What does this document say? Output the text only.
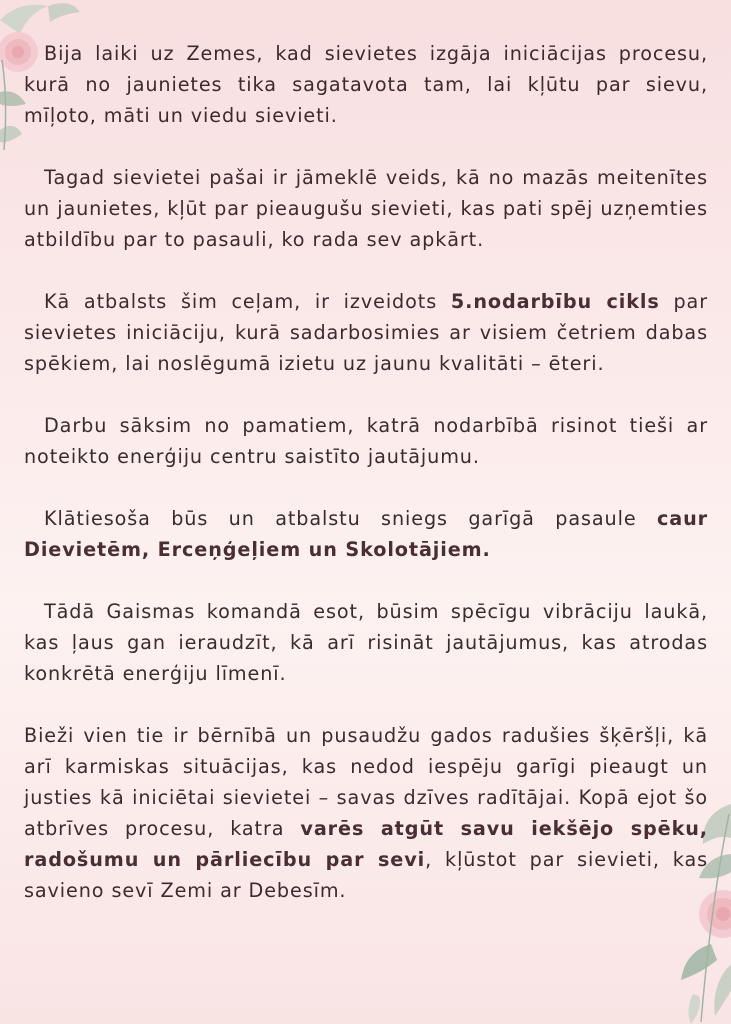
Bija laiki uz Zemes, kad sievietes izgāja iniciācijas procesu, kurā no jaunietes tika sagatavota tam, lai kļūtu par sievu, mīļoto, māti un viedu sievieti.

Tagad sievietei pašai ir jāmeklē veids, kā no mazās meitenītes un jaunietes, kļūt par pieaugušu sievieti, kas pati spēj uzņemties atbildību par to pasauli, ko rada sev apkārt.

Kā atbalsts šim ceļam, ir izveidots 5.nodarbību cikls par sievietes iniciāciju, kurā sadarbosimies ar visiem četriem dabas spēkiem, lai noslēgumā izietu uz jaunu kvalitāti – ēteri.

Darbu sāksim no pamatiem, katrā nodarbībā risinot tieši ar noteikto enerģiju centru saistīto jautājumu.

Klātiesoša būs un atbalstu sniegs garīgā pasaule caur Dievietēm, Erceņģeļiem un Skolotājiem.

Tādā Gaismas komandā esot, būsim spēcīgu vibrāciju laukā, kas ļaus gan ieraudzīt, kā arī risināt jautājumus, kas atrodas konkrētā enerģiju līmenī.

Bieži vien tie ir bērnībā un pusaudžu gados radušies šķēršļi, kā arī karmiskas situācijas, kas nedod iespēju garīgi pieaugt un justies kā iniciētai sievietei – savas dzīves radītājai. Kopā ejot šo atbrīves procesu, katra varēs atgūt savu iekšējo spēku, radošumu un pārliecību par sevi, kļūstot par sievieti, kas savieno sevī Zemi ar Debesīm.
